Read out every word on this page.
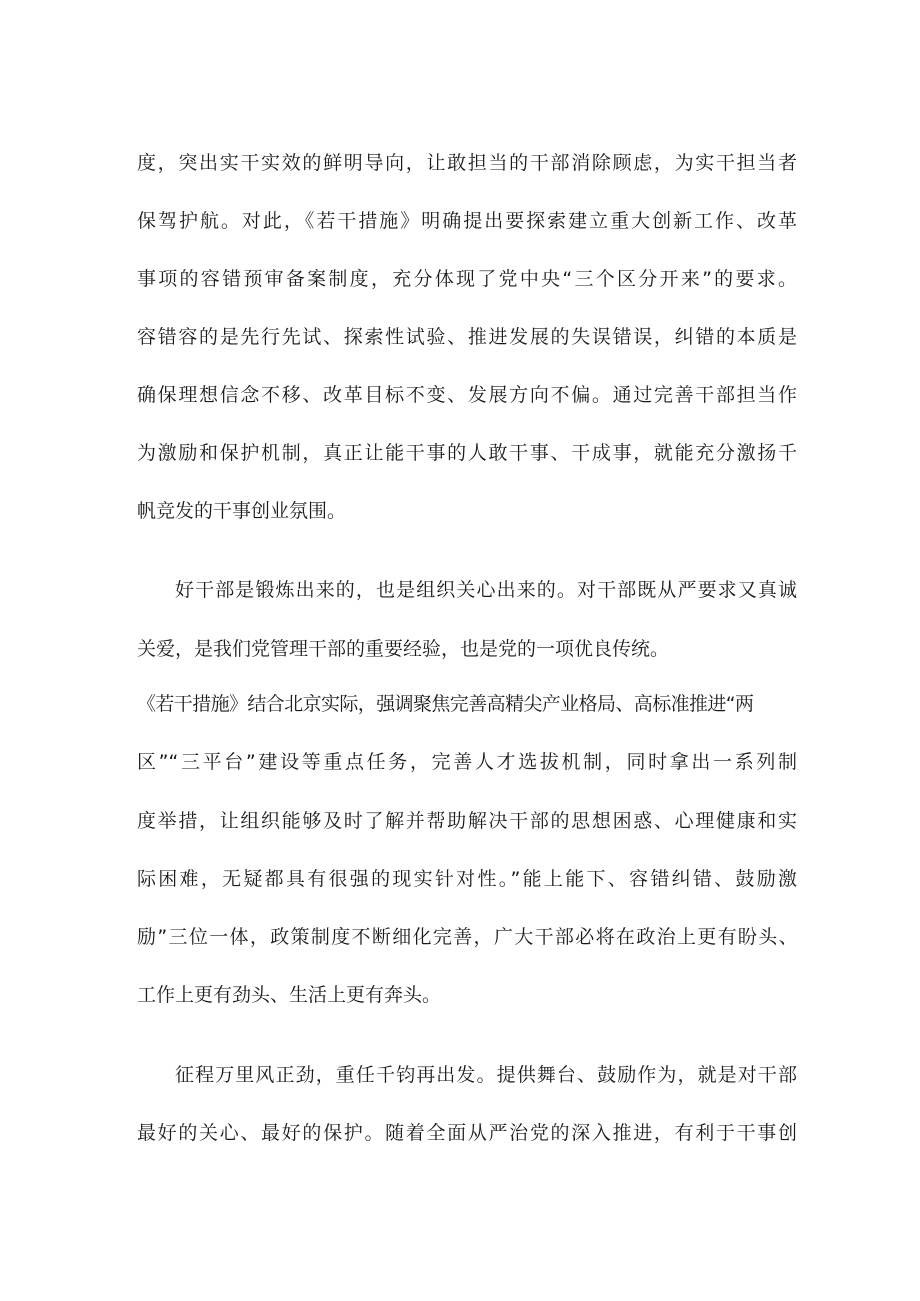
度，突出实干实效的鲜明导向，让敢担当的干部消除顾虑，为实干担当者
保驾护航。对此，《若干措施》明确提出要探索建立重大创新工作、改革
事项的容错预审备案制度，充分体现了党中央“三个区分开来”的要求。
容错容的是先行先试、探索性试验、推进发展的失误错误，纠错的本质是
确保理想信念不移、改革目标不变、发展方向不偏。通过完善干部担当作
为激励和保护机制，真正让能干事的人敢干事、干成事，就能充分激扬千
帆竞发的干事创业氛围。
好干部是锻炼出来的，也是组织关心出来的。对干部既从严要求又真诚
关爱，是我们党管理干部的重要经验，也是党的一项优良传统。
《若干措施》结合北京实际，强调聚焦完善高精尖产业格局、高标准推进“两
区”“三平台”建设等重点任务，完善人才选拔机制，同时拿出一系列制
度举措，让组织能够及时了解并帮助解决干部的思想困惑、心理健康和实
际困难，无疑都具有很强的现实针对性。”能上能下、容错纠错、鼓励激
励”三位一体，政策制度不断细化完善，广大干部必将在政治上更有盼头、
工作上更有劲头、生活上更有奔头。
征程万里风正劲，重任千钧再出发。提供舞台、鼓励作为，就是对干部
最好的关心、最好的保护。随着全面从严治党的深入推进，有利于干事创
